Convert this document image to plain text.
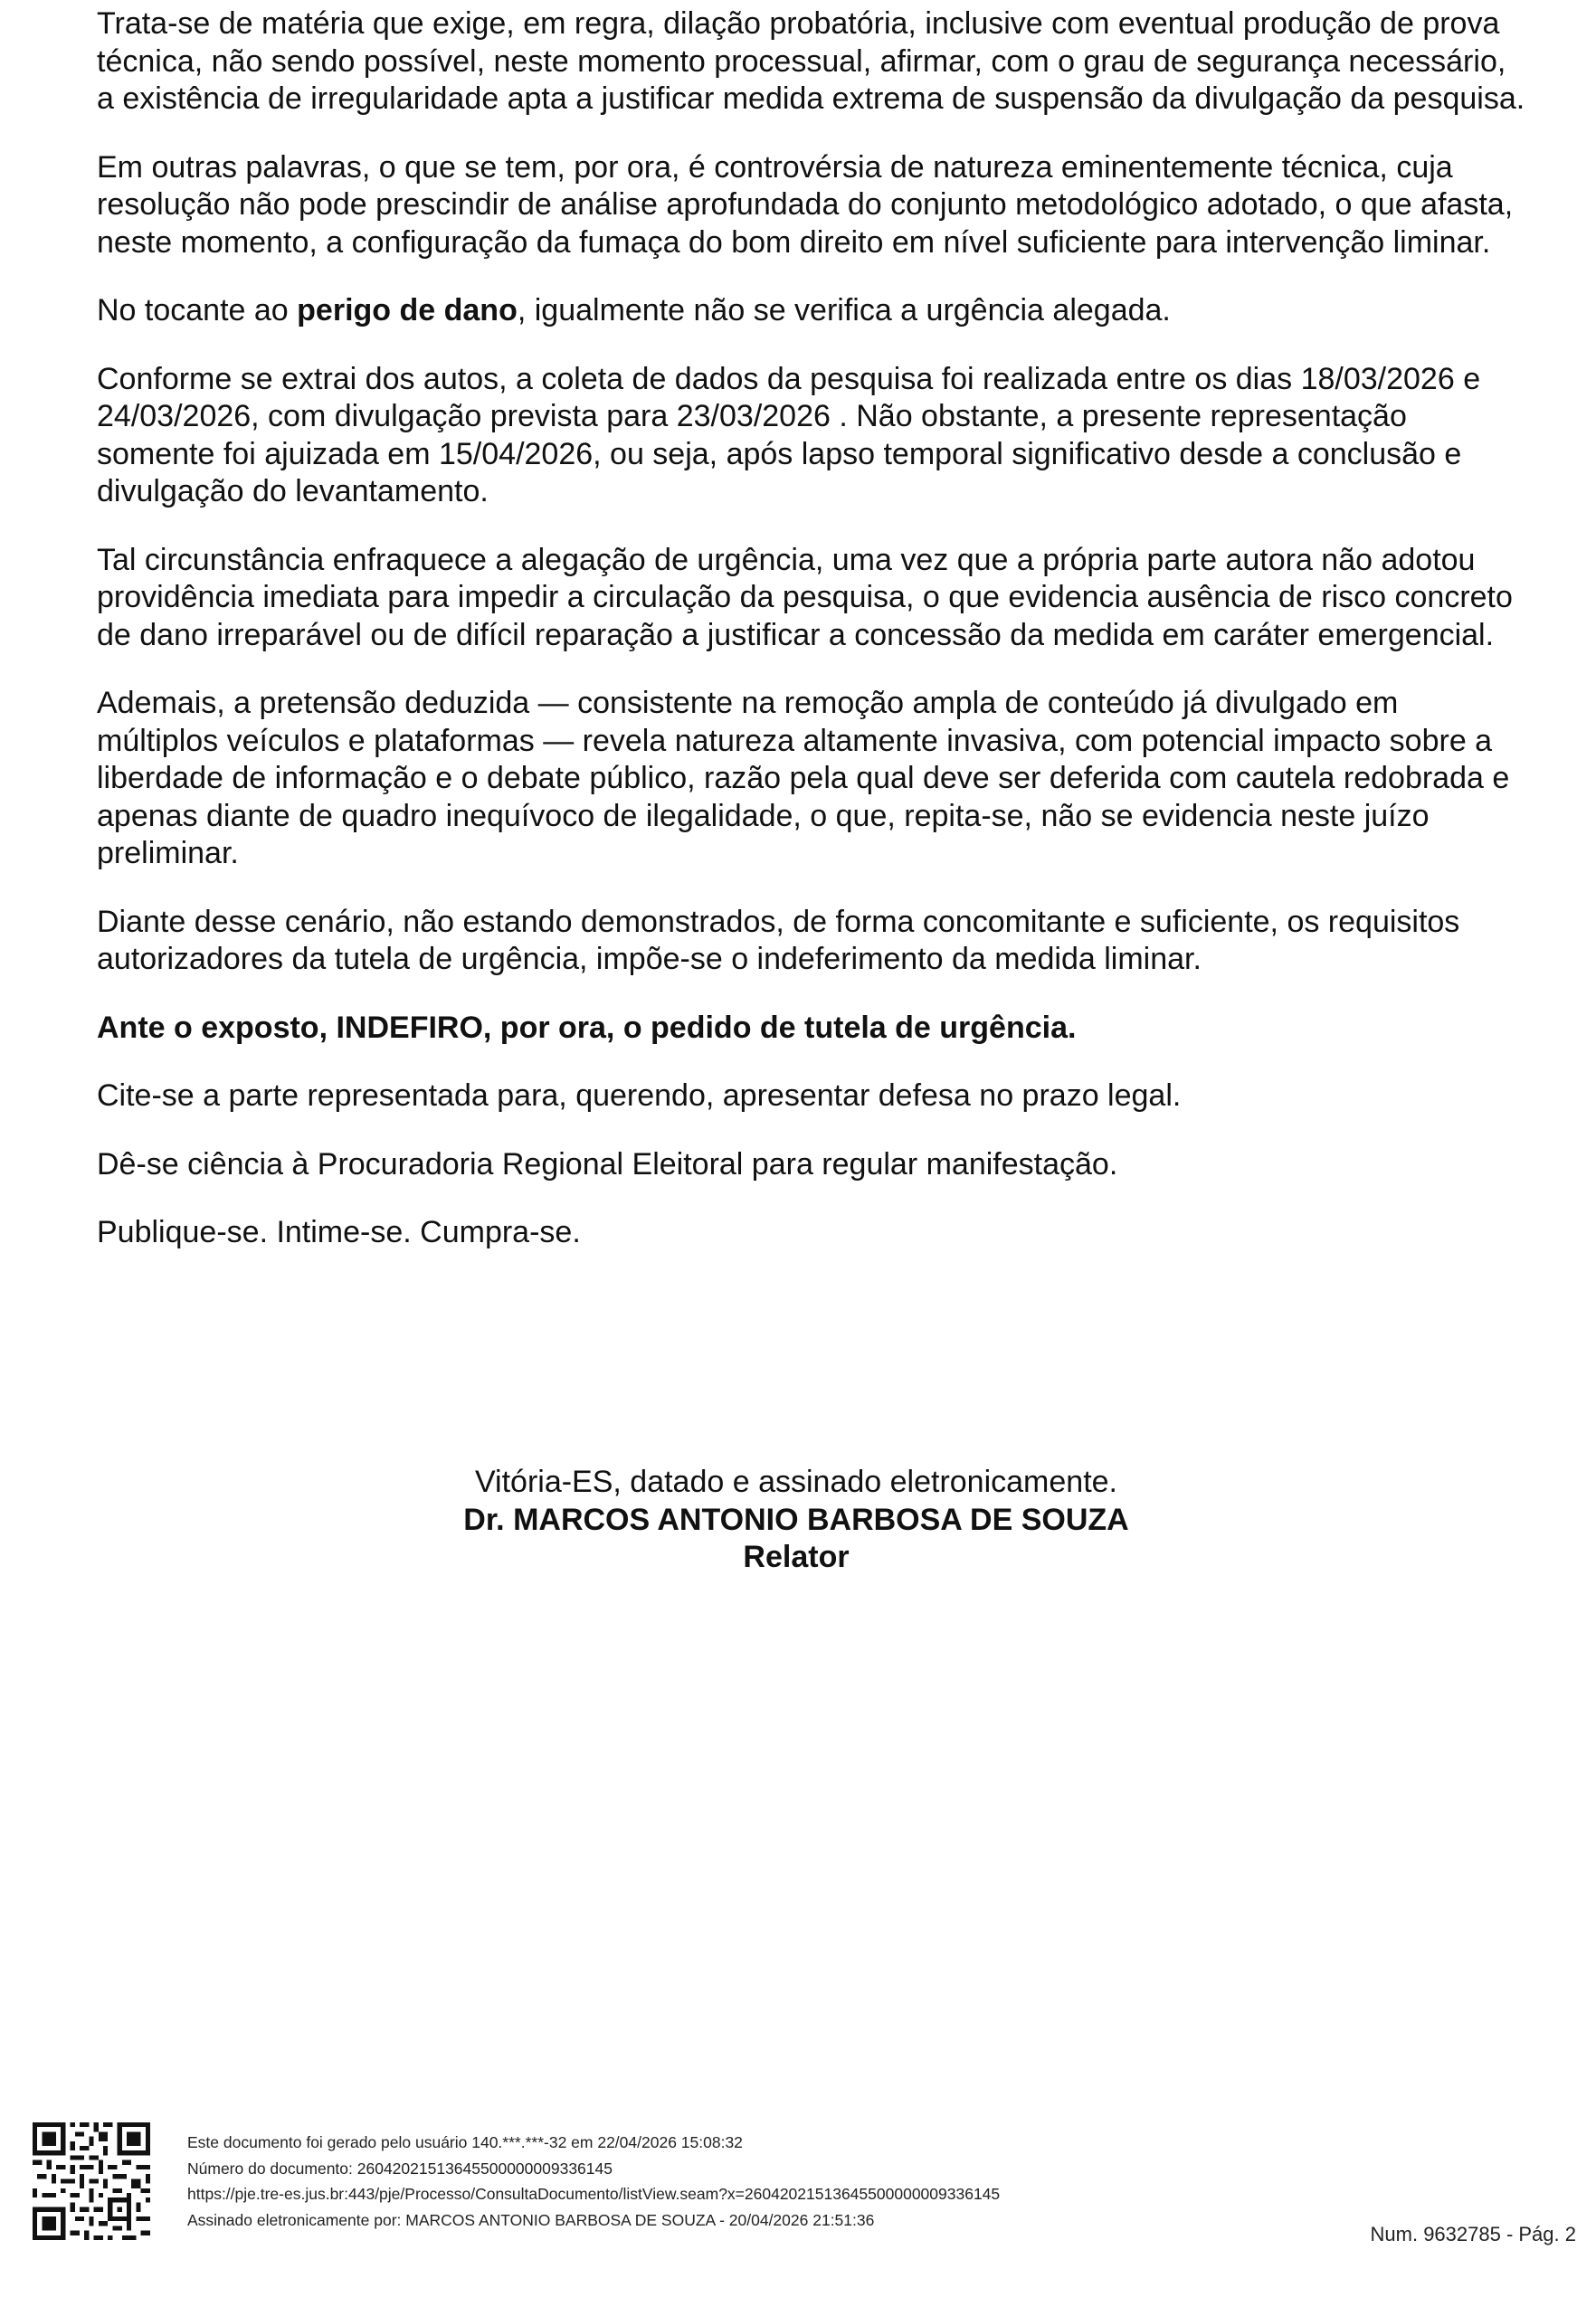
Trata-se de matéria que exige, em regra, dilação probatória, inclusive com eventual produção de prova técnica, não sendo possível, neste momento processual, afirmar, com o grau de segurança necessário, a existência de irregularidade apta a justificar medida extrema de suspensão da divulgação da pesquisa.

Em outras palavras, o que se tem, por ora, é controvérsia de natureza eminentemente técnica, cuja resolução não pode prescindir de análise aprofundada do conjunto metodológico adotado, o que afasta, neste momento, a configuração da fumaça do bom direito em nível suficiente para intervenção liminar.

No tocante ao perigo de dano, igualmente não se verifica a urgência alegada.

Conforme se extrai dos autos, a coleta de dados da pesquisa foi realizada entre os dias 18/03/2026 e 24/03/2026, com divulgação prevista para 23/03/2026 . Não obstante, a presente representação somente foi ajuizada em 15/04/2026, ou seja, após lapso temporal significativo desde a conclusão e divulgação do levantamento.

Tal circunstância enfraquece a alegação de urgência, uma vez que a própria parte autora não adotou providência imediata para impedir a circulação da pesquisa, o que evidencia ausência de risco concreto de dano irreparável ou de difícil reparação a justificar a concessão da medida em caráter emergencial.

Ademais, a pretensão deduzida — consistente na remoção ampla de conteúdo já divulgado em múltiplos veículos e plataformas — revela natureza altamente invasiva, com potencial impacto sobre a liberdade de informação e o debate público, razão pela qual deve ser deferida com cautela redobrada e apenas diante de quadro inequívoco de ilegalidade, o que, repita-se, não se evidencia neste juízo preliminar.

Diante desse cenário, não estando demonstrados, de forma concomitante e suficiente, os requisitos autorizadores da tutela de urgência, impõe-se o indeferimento da medida liminar.

Ante o exposto, INDEFIRO, por ora, o pedido de tutela de urgência.

Cite-se a parte representada para, querendo, apresentar defesa no prazo legal.

Dê-se ciência à Procuradoria Regional Eleitoral para regular manifestação.

Publique-se. Intime-se. Cumpra-se.

Vitória-ES, datado e assinado eletronicamente.
Dr. MARCOS ANTONIO BARBOSA DE SOUZA
Relator
Este documento foi gerado pelo usuário 140.***.***-32 em 22/04/2026 15:08:32
Número do documento: 26042021513645500000009336145
https://pje.tre-es.jus.br:443/pje/Processo/ConsultaDocumento/listView.seam?x=26042021513645500000009336145
Assinado eletronicamente por: MARCOS ANTONIO BARBOSA DE SOUZA - 20/04/2026 21:51:36
Num. 9632785 - Pág. 2
